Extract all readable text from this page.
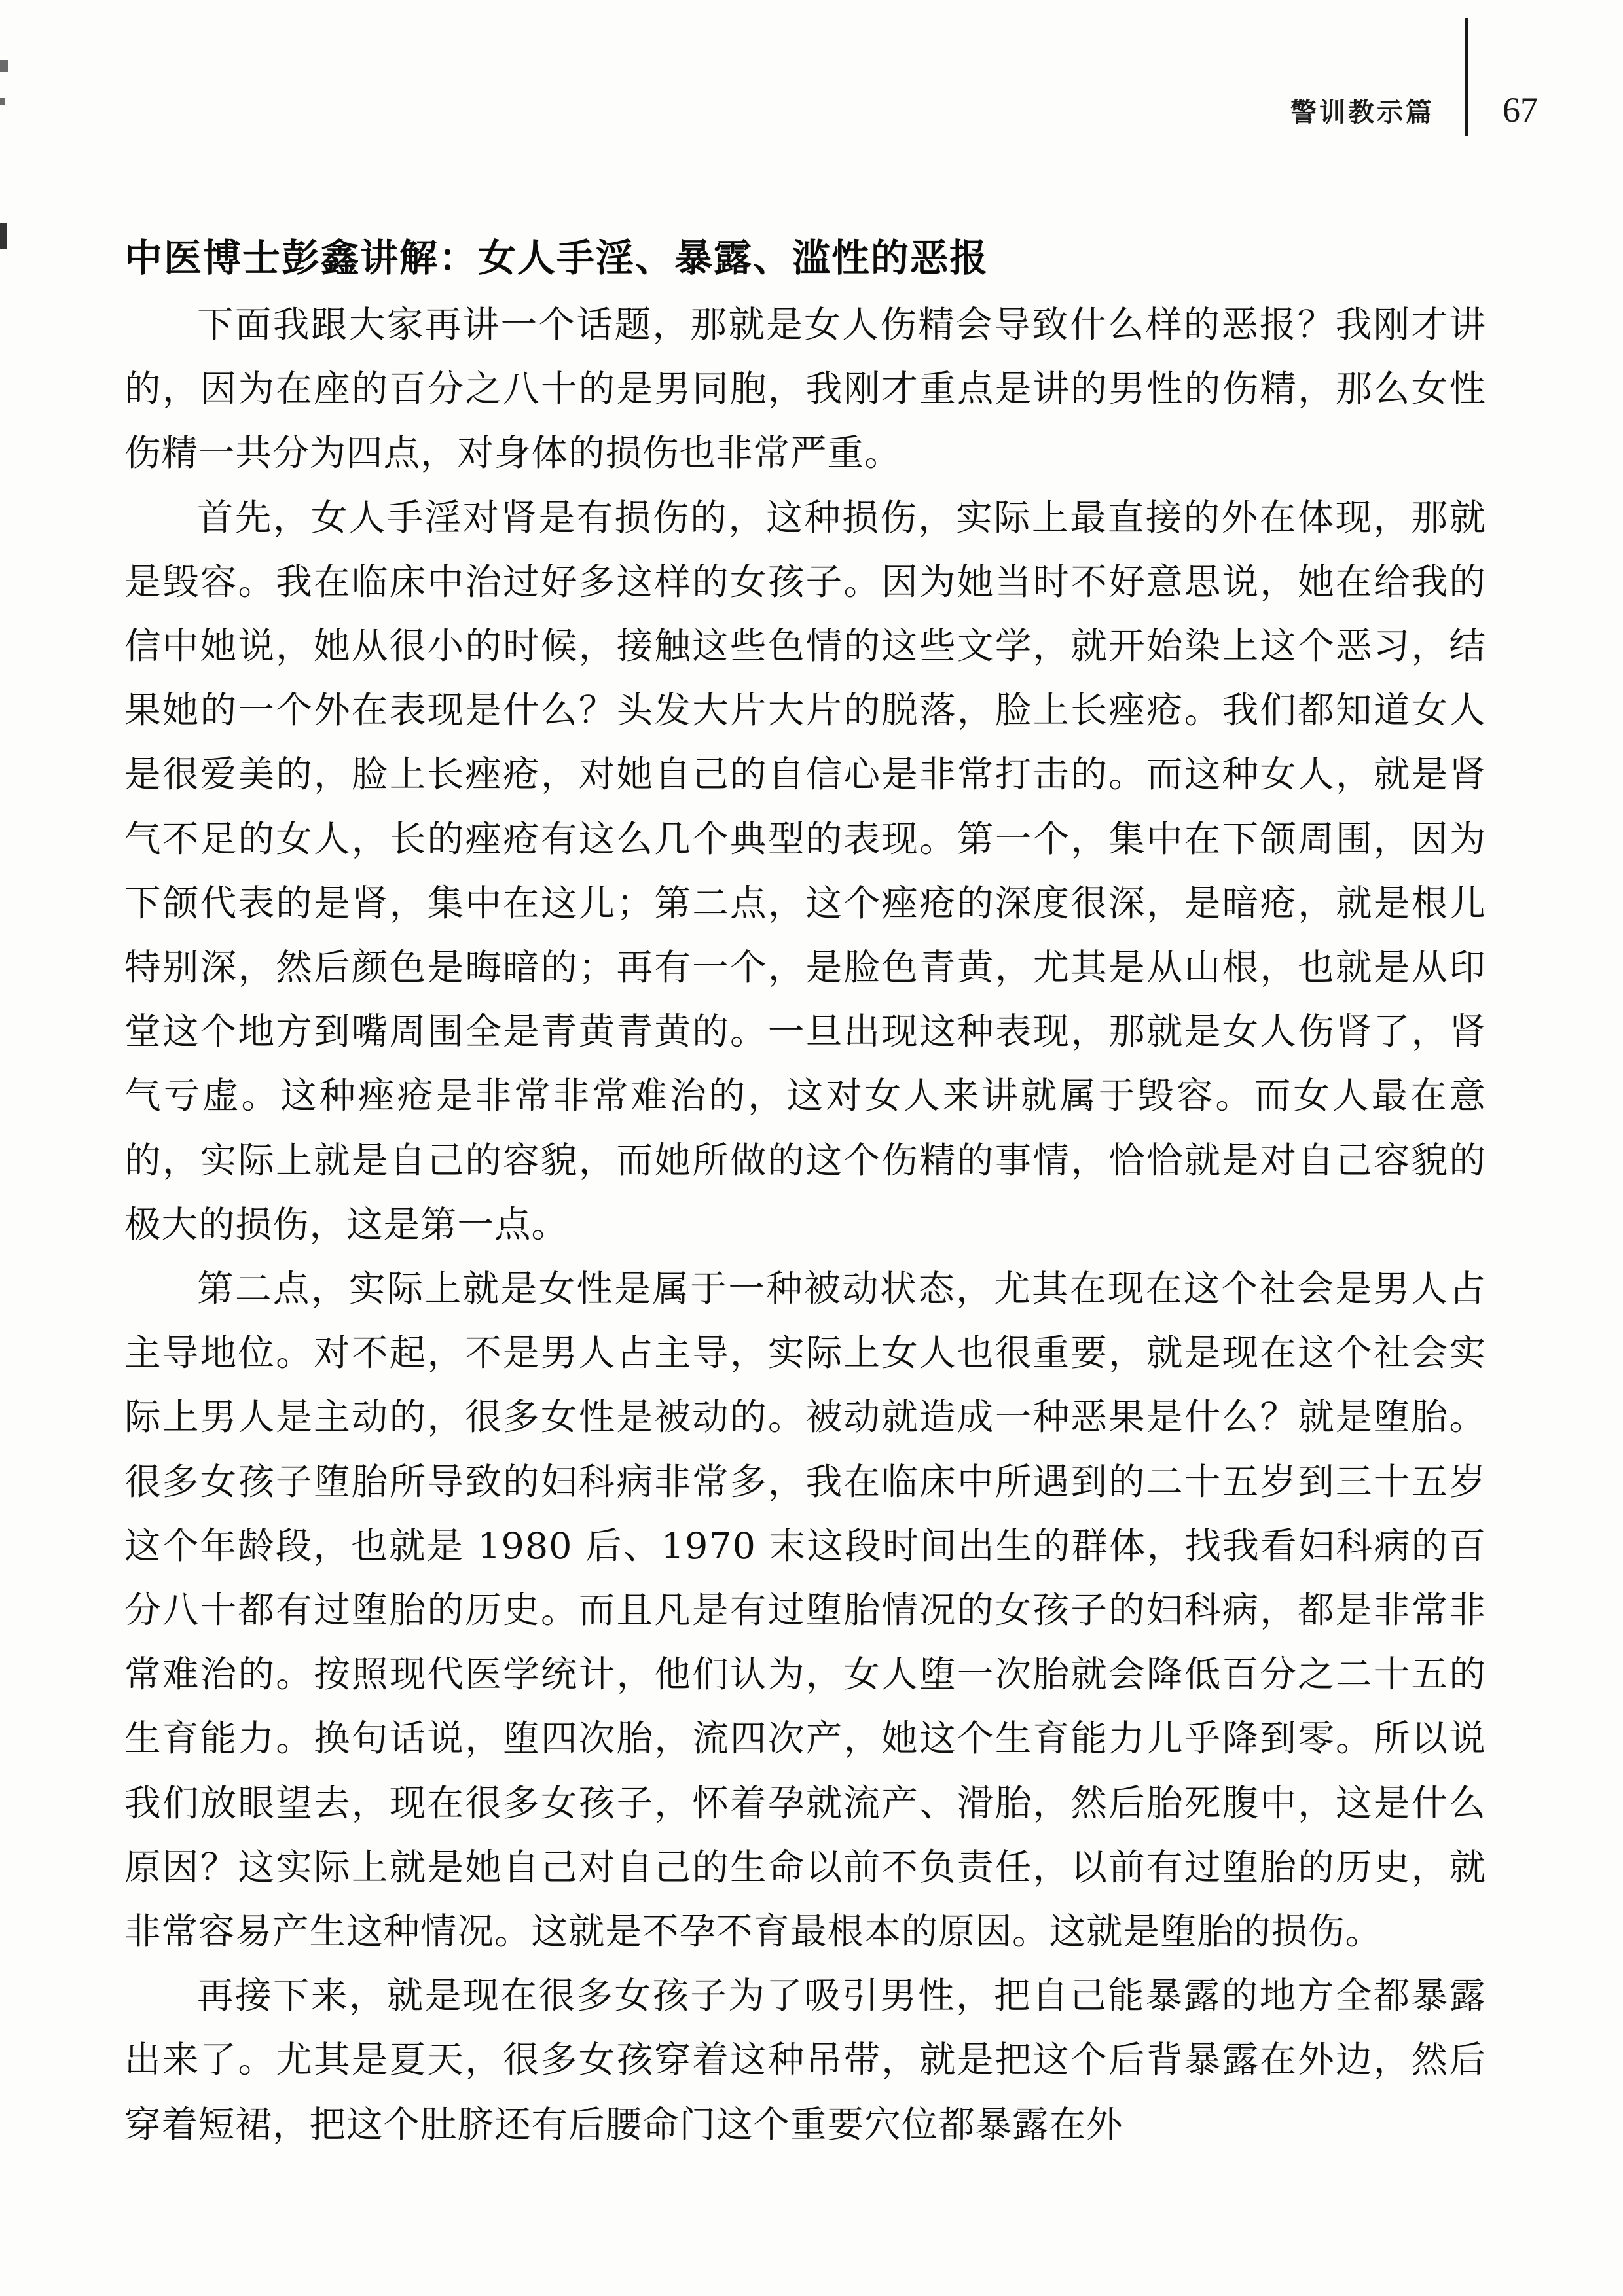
警训教示篇	67
中医博士彭鑫讲解：女人手淫、暴露、滥性的恶报

下面我跟大家再讲一个话题，那就是女人伤精会导致什么样的恶报？我刚才讲的，因为在座的百分之八十的是男同胞，我刚才重点是讲的男性的伤精，那么女性伤精一共分为四点，对身体的损伤也非常严重。

首先，女人手淫对肾是有损伤的，这种损伤，实际上最直接的外在体现，那就是毁容。我在临床中治过好多这样的女孩子。因为她当时不好意思说，她在给我的信中她说，她从很小的时候，接触这些色情的这些文学，就开始染上这个恶习，结果她的一个外在表现是什么？头发大片大片的脱落，脸上长痤疮。我们都知道女人是很爱美的，脸上长痤疮，对她自己的自信心是非常打击的。而这种女人，就是肾气不足的女人，长的痤疮有这么几个典型的表现。第一个，集中在下颌周围，因为下颌代表的是肾，集中在这儿；第二点，这个痤疮的深度很深，是暗疮，就是根儿特别深，然后颜色是晦暗的；再有一个，是脸色青黄，尤其是从山根，也就是从印堂这个地方到嘴周围全是青黄青黄的。一旦出现这种表现，那就是女人伤肾了，肾气亏虚。这种痤疮是非常非常难治的，这对女人来讲就属于毁容。而女人最在意的，实际上就是自己的容貌，而她所做的这个伤精的事情，恰恰就是对自己容貌的极大的损伤，这是第一点。

第二点，实际上就是女性是属于一种被动状态，尤其在现在这个社会是男人占主导地位。对不起，不是男人占主导，实际上女人也很重要，就是现在这个社会实际上男人是主动的，很多女性是被动的。被动就造成一种恶果是什么？就是堕胎。很多女孩子堕胎所导致的妇科病非常多，我在临床中所遇到的二十五岁到三十五岁这个年龄段，也就是 1980 后、1970 末这段时间出生的群体，找我看妇科病的百分八十都有过堕胎的历史。而且凡是有过堕胎情况的女孩子的妇科病，都是非常非常难治的。按照现代医学统计，他们认为，女人堕一次胎就会降低百分之二十五的生育能力。换句话说，堕四次胎，流四次产，她这个生育能力儿乎降到零。所以说我们放眼望去，现在很多女孩子，怀着孕就流产、滑胎，然后胎死腹中，这是什么原因？这实际上就是她自己对自己的生命以前不负责任，以前有过堕胎的历史，就非常容易产生这种情况。这就是不孕不育最根本的原因。这就是堕胎的损伤。

再接下来，就是现在很多女孩子为了吸引男性，把自己能暴露的地方全都暴露出来了。尤其是夏天，很多女孩穿着这种吊带，就是把这个后背暴露在外边，然后穿着短裙，把这个肚脐还有后腰命门这个重要穴位都暴露在外
